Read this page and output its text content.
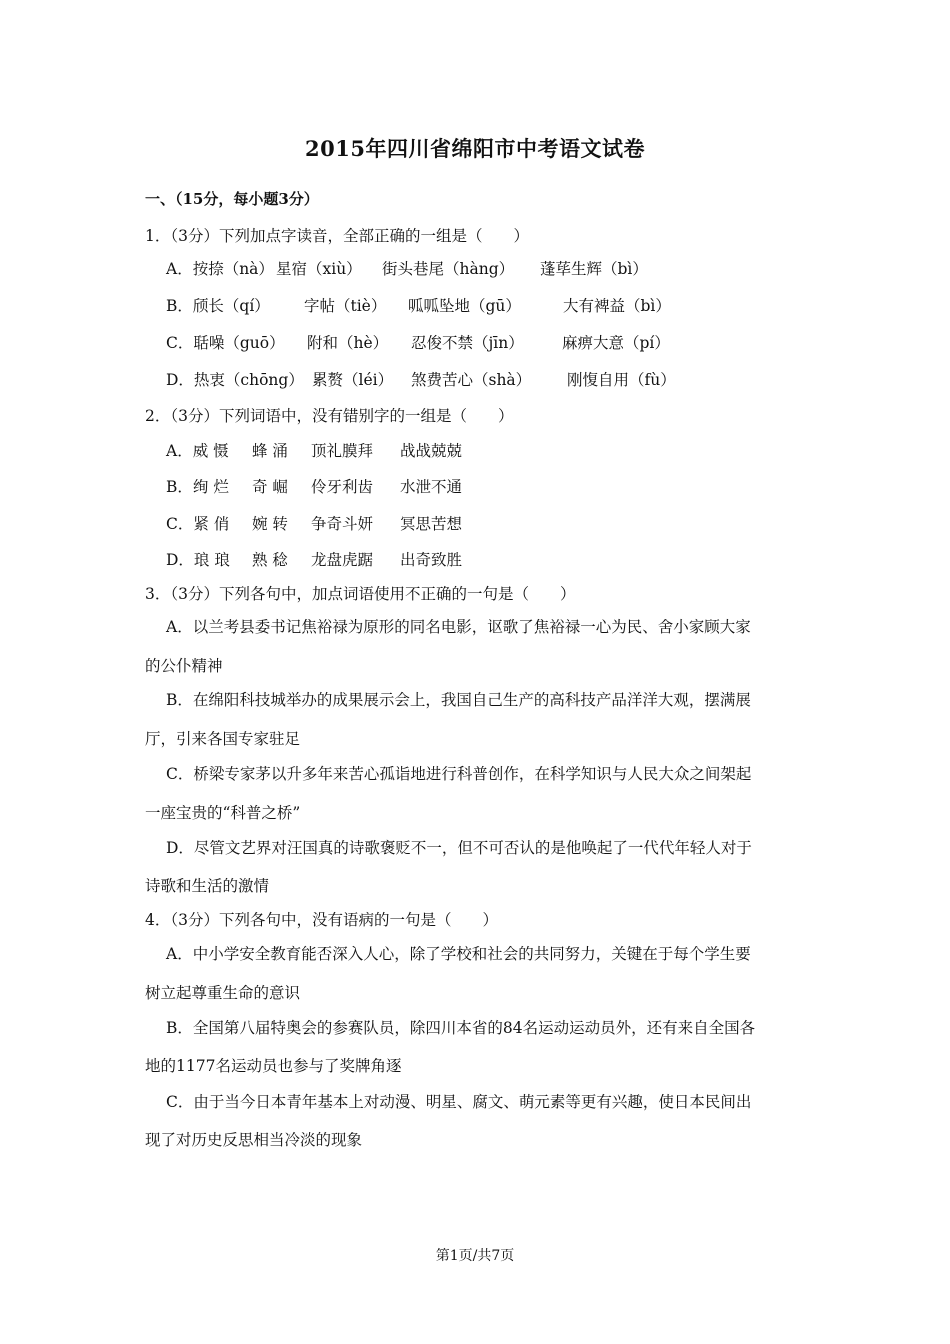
2015年四川省绵阳市中考语文试卷
一、（15分，每小题3分）
1．（3分）下列加点字读音，全部正确的一组是（　　）
A．按捺（nà） 星宿（xiù） 街头巷尾（hàng） 蓬荜生辉（bì）
B．颀长（qí） 字帖（tiè） 呱呱坠地（gū）	大有裨益（bì）
C．聒噪（guō） 附和（hè） 忍俊不禁（jīn） 麻痹大意（pí）
D．热衷（chōng） 累赘（léi） 煞费苦心（shà） 刚愎自用（fù）
2．（3分）下列词语中，没有错别字的一组是（　　）
A．威 慑 蜂 涌 顶礼膜拜 战战兢兢
B．绚 烂 奇 崛 伶牙利齿 水泄不通
C．紧 俏 婉 转 争奇斗妍 冥思苦想
D．琅 琅 熟 稔 龙盘虎踞 出奇致胜
3．（3分）下列各句中，加点词语使用不正确的一句是（　　）
A．以兰考县委书记焦裕禄为原形的同名电影，讴歌了焦裕禄一心为民、舍小家顾大家
的公仆精神
B．在绵阳科技城举办的成果展示会上，我国自己生产的高科技产品洋洋大观，摆满展
厅，引来各国专家驻足
C．桥梁专家茅以升多年来苦心孤诣地进行科普创作，在科学知识与人民大众之间架起
一座宝贵的“科普之桥”
D．尽管文艺界对汪国真的诗歌褒贬不一，但不可否认的是他唤起了一代代年轻人对于
诗歌和生活的激情
4．（3分）下列各句中，没有语病的一句是（　　）
A．中小学安全教育能否深入人心，除了学校和社会的共同努力，关键在于每个学生要
树立起尊重生命的意识
B．全国第八届特奥会的参赛队员，除四川本省的84名运动运动员外，还有来自全国各
地的1177名运动员也参与了奖牌角逐
C．由于当今日本青年基本上对动漫、明星、腐文、萌元素等更有兴趣，使日本民间出
现了对历史反思相当冷淡的现象
第1页/共7页
